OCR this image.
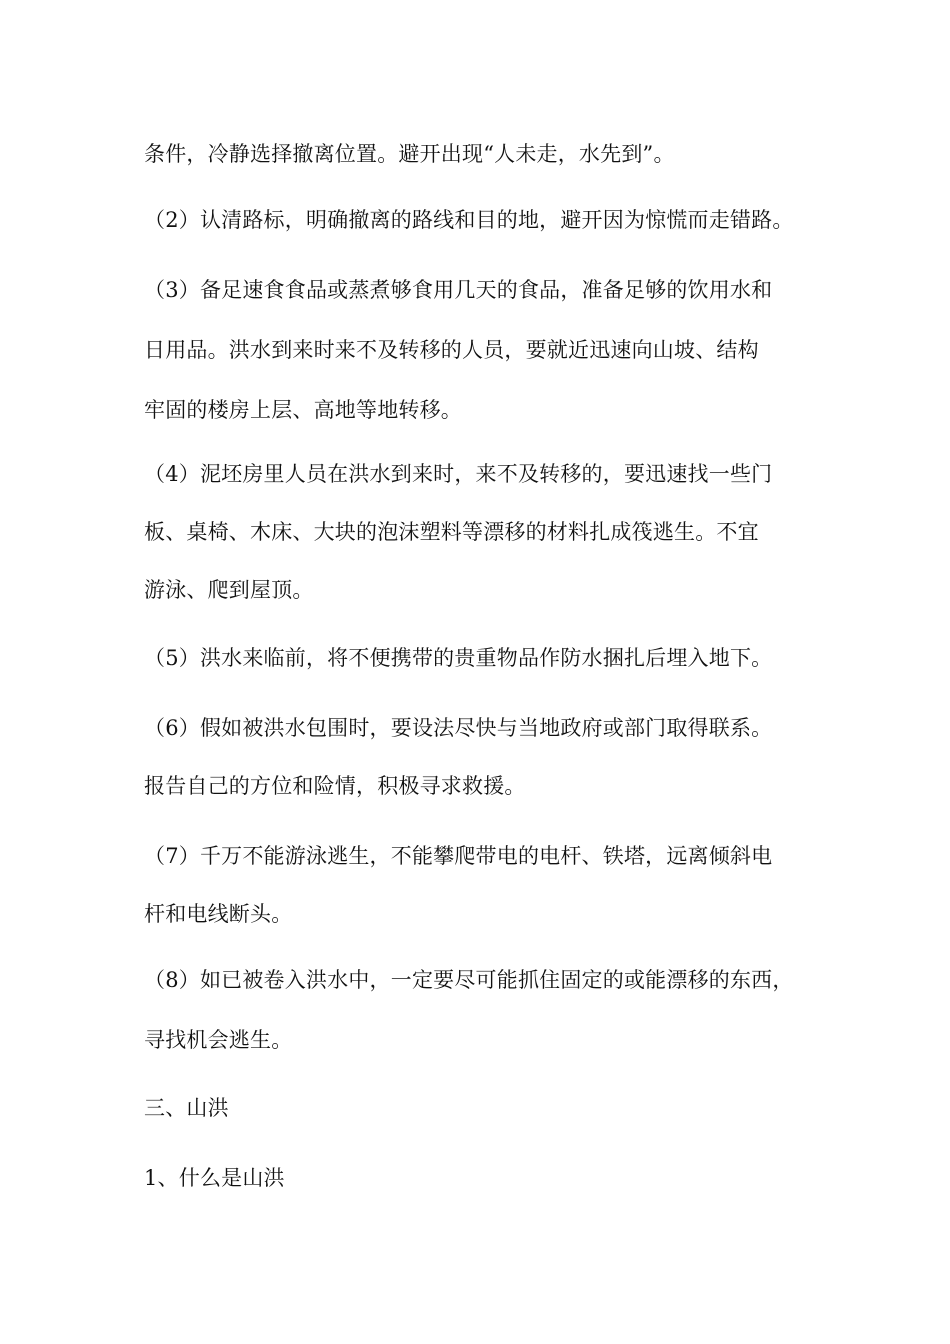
条件，冷静选择撤离位置。避开出现“人未走，水先到”。
（2）认清路标，明确撤离的路线和目的地，避开因为惊慌而走错路。
（3）备足速食食品或蒸煮够食用几天的食品，准备足够的饮用水和
日用品。洪水到来时来不及转移的人员，要就近迅速向山坡、结构
牢固的楼房上层、高地等地转移。
（4）泥坯房里人员在洪水到来时，来不及转移的，要迅速找一些门
板、桌椅、木床、大块的泡沫塑料等漂移的材料扎成筏逃生。不宜
游泳、爬到屋顶。
（5）洪水来临前，将不便携带的贵重物品作防水捆扎后埋入地下。
（6）假如被洪水包围时，要设法尽快与当地政府或部门取得联系。
报告自己的方位和险情，积极寻求救援。
（7）千万不能游泳逃生，不能攀爬带电的电杆、铁塔，远离倾斜电
杆和电线断头。
（8）如已被卷入洪水中，一定要尽可能抓住固定的或能漂移的东西，
寻找机会逃生。
三、山洪
1、什么是山洪
